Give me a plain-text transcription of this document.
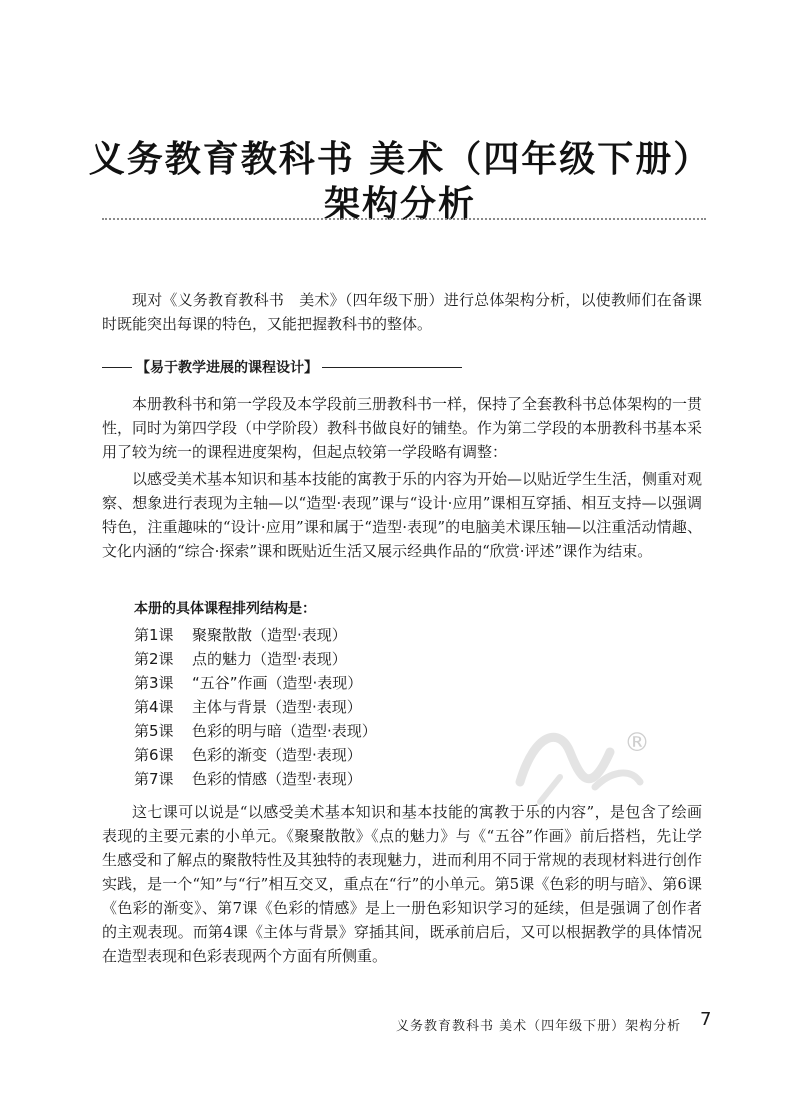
义务教育教科书 美术（四年级下册）
架构分析

现对《义务教育教科书　美术》（四年级下册）进行总体架构分析，以使教师们在备课时既能突出每课的特色，又能把握教科书的整体。

【易于教学进展的课程设计】

本册教科书和第一学段及本学段前三册教科书一样，保持了全套教科书总体架构的一贯性，同时为第四学段（中学阶段）教科书做良好的铺垫。作为第二学段的本册教科书基本采用了较为统一的课程进度架构，但起点较第一学段略有调整：

以感受美术基本知识和基本技能的寓教于乐的内容为开始—以贴近学生生活，侧重对观察、想象进行表现为主轴—以“造型·表现”课与“设计·应用”课相互穿插、相互支持—以强调特色，注重趣味的“设计·应用”课和属于“造型·表现”的电脑美术课压轴—以注重活动情趣、文化内涵的“综合·探索”课和既贴近生活又展示经典作品的“欣赏·评述”课作为结束。

本册的具体课程排列结构是：

第1课 聚聚散散（造型·表现）
第2课 点的魅力（造型·表现）
第3课 “五谷”作画（造型·表现）
第4课 主体与背景（造型·表现）
第5课 色彩的明与暗（造型·表现）
第6课 色彩的渐变（造型·表现）
第7课 色彩的情感（造型·表现）
®

这七课可以说是“以感受美术基本知识和基本技能的寓教于乐的内容”，是包含了绘画表现的主要元素的小单元。《聚聚散散》《点的魅力》与《“五谷”作画》前后搭档，先让学生感受和了解点的聚散特性及其独特的表现魅力，进而利用不同于常规的表现材料进行创作实践，是一个“知”与“行”相互交叉，重点在“行”的小单元。第5课《色彩的明与暗》、第6课《色彩的渐变》、第7课《色彩的情感》是上一册色彩知识学习的延续，但是强调了创作者的主观表现。而第4课《主体与背景》穿插其间，既承前启后，又可以根据教学的具体情况在造型表现和色彩表现两个方面有所侧重。

义务教育教科书 美术（四年级下册）架构分析 7
